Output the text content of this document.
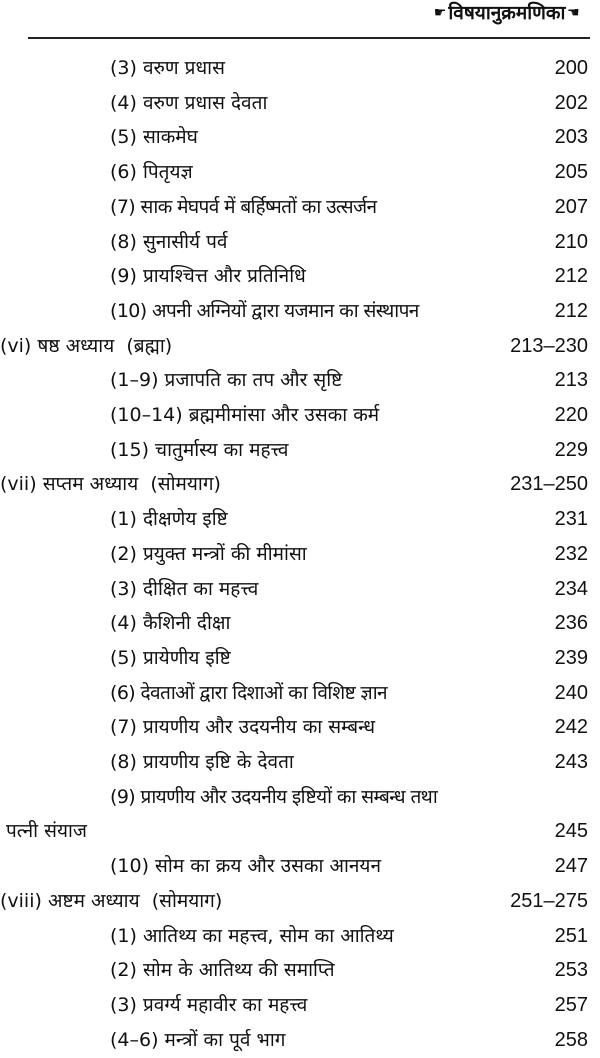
☛ विषयानुक्रमणिका ☛
(3) वरुण प्रधास	200
(4) वरुण प्रधास देवता	202
(5) साकमेघ	203
(6) पितृयज्ञ	205
(7) साक मेघपर्व में बर्हिष्मतों का उत्सर्जन	207
(8) सुनासीर्य पर्व	210
(9) प्रायश्चित्त और प्रतिनिधि	212
(10) अपनी अग्नियों द्वारा यजमान का संस्थापन	212
(vi) षष्ठ अध्याय (ब्रह्मा)	213–230
(1–9) प्रजापति का तप और सृष्टि	213
(10–14) ब्रह्ममीमांसा और उसका कर्म	220
(15) चातुर्मास्य का महत्त्व	229
(vii) सप्तम अध्याय (सोमयाग)	231–250
(1) दीक्षणेय इष्टि	231
(2) प्रयुक्त मन्त्रों की मीमांसा	232
(3) दीक्षित का महत्त्व	234
(4) कैशिनी दीक्षा	236
(5) प्रायेणीय इष्टि	239
(6) देवताओं द्वारा दिशाओं का विशिष्ट ज्ञान	240
(7) प्रायणीय और उदयनीय का सम्बन्ध	242
(8) प्रायणीय इष्टि के देवता	243
(9) प्रायणीय और उदयनीय इष्टियों का सम्बन्ध तथा
पत्नी संयाज	245
(10) सोम का क्रय और उसका आनयन	247
(viii) अष्टम अध्याय (सोमयाग)	251–275
(1) आतिथ्य का महत्त्व, सोम का आतिथ्य	251
(2) सोम के आतिथ्य की समाप्ति	253
(3) प्रवर्ग्य महावीर का महत्त्व	257
(4–6) मन्त्रों का पूर्व भाग	258
